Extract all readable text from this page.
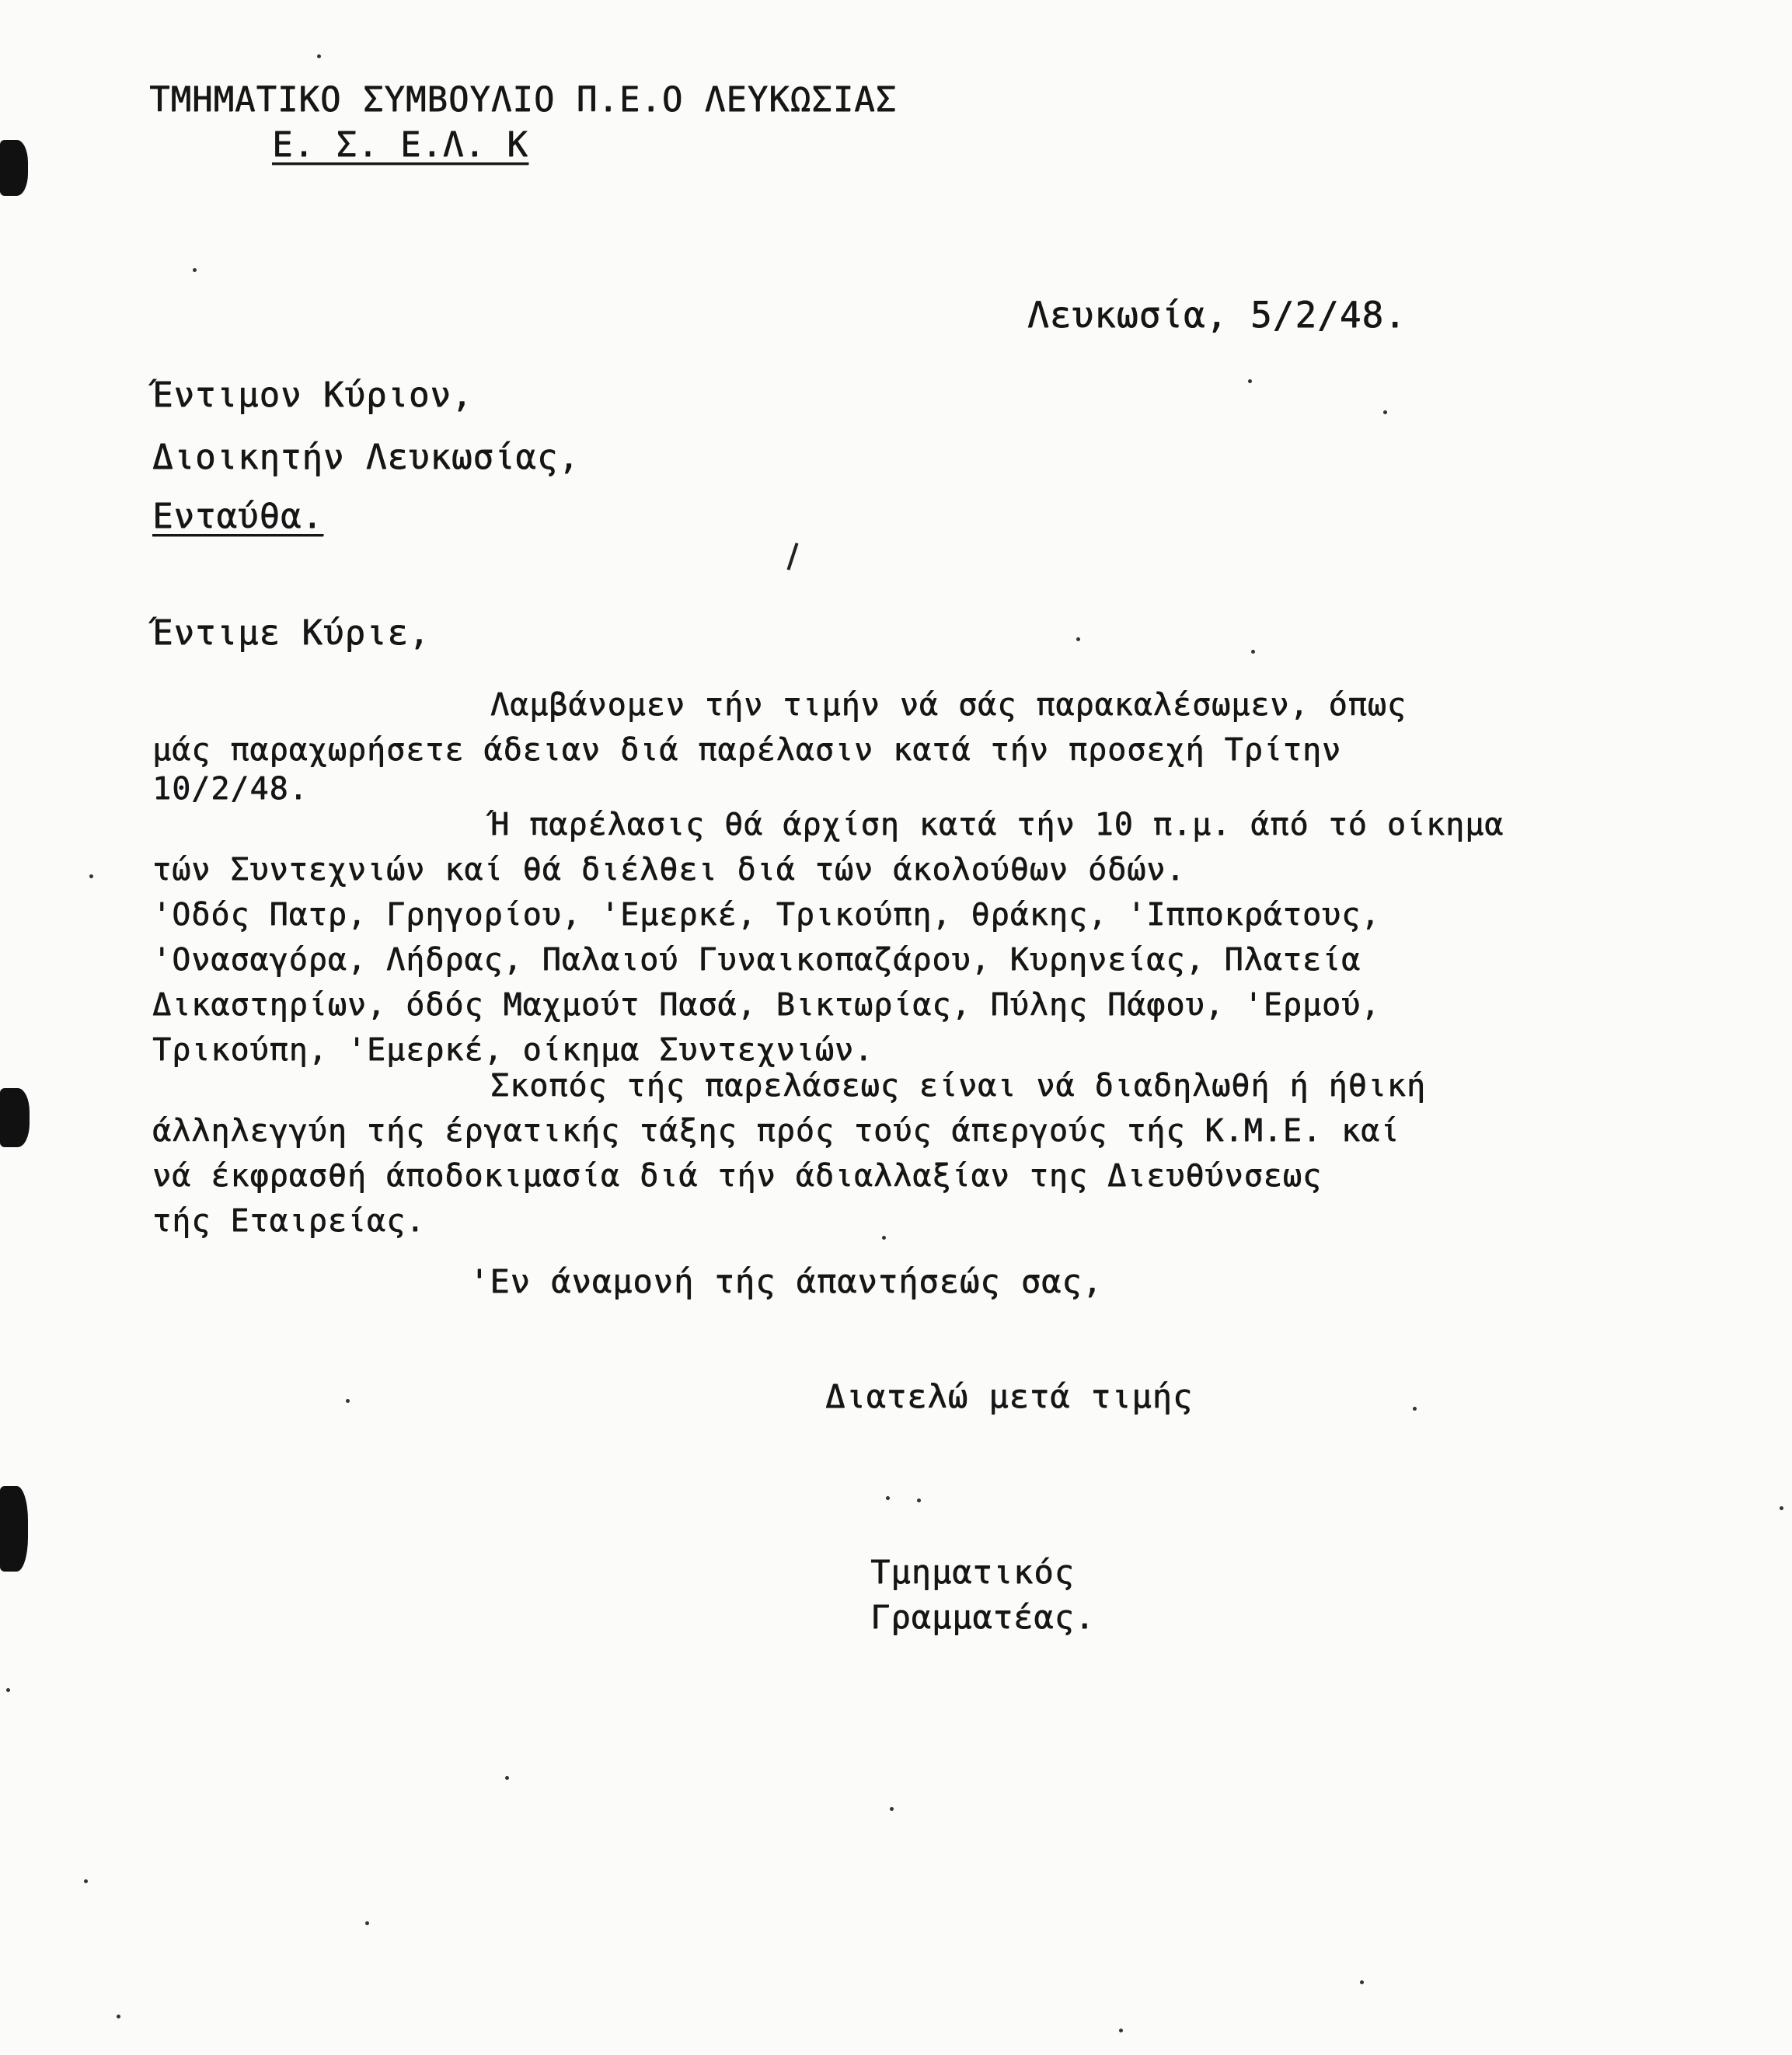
ΤΜΗΜΑΤΙΚΟ ΣΥΜΒΟΥΛΙΟ Π.Ε.Ο ΛΕΥΚΩΣΙΑΣ
Ε. Σ. Ε.Λ. Κ
Λευκωσία, 5/2/48.
Έντιμον Κύριον,
Διοικητήν Λευκωσίας,
Ενταύθα.
Έντιμε Κύριε,
Λαμβάνομεν τήν τιμήν νά σάς παρακαλέσωμεν, όπως
μάς παραχωρήσετε άδειαν διά παρέλασιν κατά τήν προσεχή Τρίτην
10/2/48.
Ή παρέλασις θά άρχίση κατά τήν 10 π.μ. άπό τό οίκημα
τών Συντεχνιών καί θά διέλθει διά τών άκολούθων όδών.
'Οδός Πατρ, Γρηγορίου, 'Εμερκέ, Τρικούπη, θράκης, 'Ιπποκράτους,
'Ονασαγόρα, Λήδρας, Παλαιού Γυναικοπαζάρου, Κυρηνείας, Πλατεία
Δικαστηρίων, όδός Μαχμούτ Πασά, Βικτωρίας, Πύλης Πάφου, 'Ερμού,
Τρικούπη, 'Εμερκέ, οίκημα Συντεχνιών.
Σκοπός τής παρελάσεως είναι νά διαδηλωθή ή ήθική
άλληλεγγύη τής έργατικής τάξης πρός τούς άπεργούς τής Κ.Μ.Ε. καί
νά έκφρασθή άποδοκιμασία διά τήν άδιαλλαξίαν της Διευθύνσεως
τής Εταιρείας.
'Εν άναμονή τής άπαντήσεώς σας,
Διατελώ μετά τιμής
Τμηματικός
Γραμματέας.
